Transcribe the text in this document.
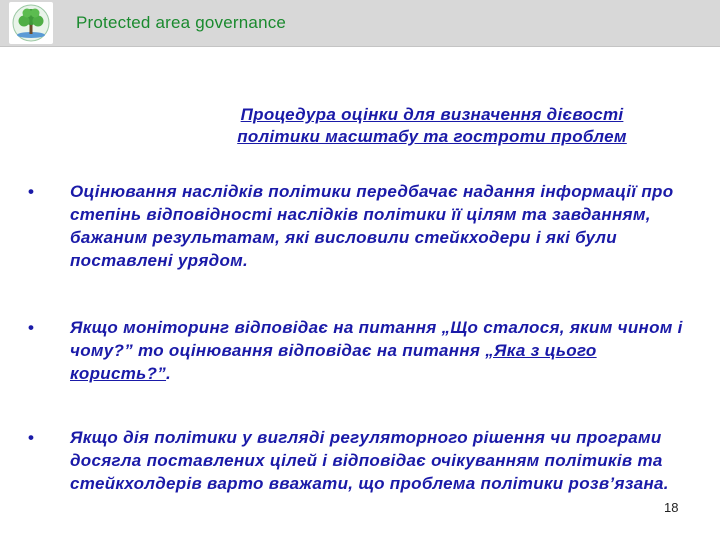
Protected area governance
Процедура оцінки для визначення дієвості
політики масштабу та гостроти проблем
• Оцінювання наслідків політики передбачає надання інформації про степінь відповідності наслідків політики її цілям та завданням, бажаним результатам, які висловили стейкходери і які були поставлені урядом.
• Якщо моніторинг відповідає на питання „Що сталося, яким чином і чому?” то оцінювання відповідає на питання „Яка з цього користь?”.
• Якщо дія політики у вигляді регуляторного рішення чи програми досягла поставлених цілей і відповідає очікуванням політиків та стейкхолдерів варто вважати, що проблема політики розв’язана.
18
